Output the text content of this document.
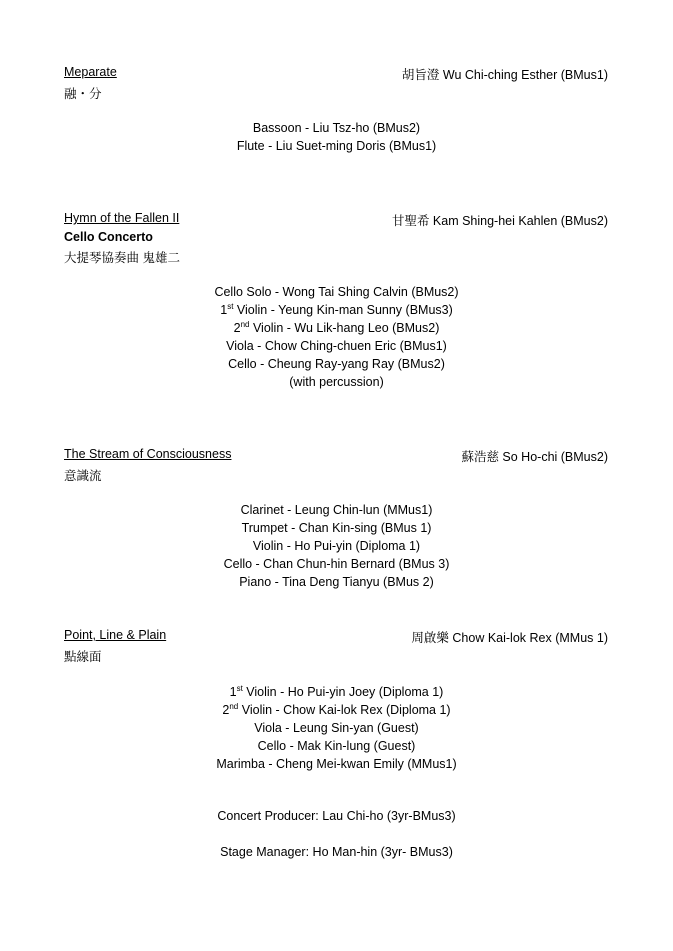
Meparate	胡旨澄 Wu Chi-ching Esther (BMus1)
融・分
Bassoon - Liu Tsz-ho (BMus2)
Flute - Liu Suet-ming Doris (BMus1)
Hymn of the Fallen II	甘聖希 Kam Shing-hei Kahlen (BMus2)
Cello Concerto
大提琴協奏曲 鬼雄二
Cello Solo - Wong Tai Shing Calvin (BMus2)
1st Violin - Yeung Kin-man Sunny (BMus3)
2nd Violin - Wu Lik-hang Leo (BMus2)
Viola - Chow Ching-chuen Eric (BMus1)
Cello - Cheung Ray-yang Ray (BMus2)
(with percussion)
The Stream of Consciousness	蘇浩慈 So Ho-chi (BMus2)
意識流
Clarinet - Leung Chin-lun (MMus1)
Trumpet - Chan Kin-sing (BMus 1)
Violin - Ho Pui-yin (Diploma 1)
Cello - Chan Chun-hin Bernard (BMus 3)
Piano - Tina Deng Tianyu (BMus 2)
Point, Line & Plain	周啟樂 Chow Kai-lok Rex (MMus 1)
點線面
1st Violin - Ho Pui-yin Joey (Diploma 1)
2nd Violin - Chow Kai-lok Rex (Diploma 1)
Viola - Leung Sin-yan (Guest)
Cello - Mak Kin-lung (Guest)
Marimba - Cheng Mei-kwan Emily (MMus1)
Concert Producer: Lau Chi-ho (3yr-BMus3)
Stage Manager: Ho Man-hin (3yr- BMus3)
